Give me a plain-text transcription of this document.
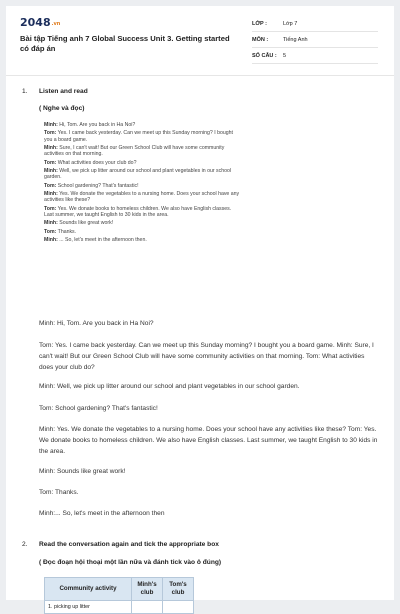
$2048^{.vn}$
Bài tập Tiếng anh 7 Global Success Unit 3. Getting started có đáp án
LỚP :	Lớp 7
MÔN :	Tiếng Anh
SỐ CÂU :	5
1. Listen and read
( Nghe và đọc)
Minh: Hi, Tom. Are you back in Ha Noi?
Tom: Yes. I came back yesterday. Can we meet up this Sunday morning? I bought you a board game.
Minh: Sure, I can't wait! But our Green School Club will have some community activities on that morning.
Tom: What activities does your club do?
Minh: Well, we pick up litter around our school and plant vegetables in our school garden.
Tom: School gardening? That's fantastic!
Minh: Yes. We donate the vegetables to a nursing home. Does your school have any activities like these?
Tom: Yes. We donate books to homeless children. We also have English classes. Last summer, we taught English to 30 kids in the area.
Minh: Sounds like great work!
Tom: Thanks.
Minh: ... So, let's meet in the afternoon then.
Minh: Hi, Tom. Are you back in Ha Noi?
Tom: Yes. I came back yesterday. Can we meet up this Sunday morning? I bought you a board game. Minh: Sure, I can't wait! But our Green School Club will have some community activities on that morning. Tom: What activities does your club do?
Minh: Well, we pick up litter around our school and plant vegetables in our school garden.
Tom: School gardening? That's fantastic!
Minh: Yes. We donate the vegetables to a nursing home. Does your school have any activities like these? Tom: Yes. We donate books to homeless children. We also have English classes. Last summer, we taught English to 30 kids in the area.
Minh: Sounds like great work!
Tom: Thanks.
Minh:... So, let's meet in the afternoon then
2. Read the conversation again and tick the appropriate box
( Đọc đoạn hội thoại một lần nữa và đánh tick vào ô đúng)
Community activity	Minh's club	Tom's club
1. picking up litter		
